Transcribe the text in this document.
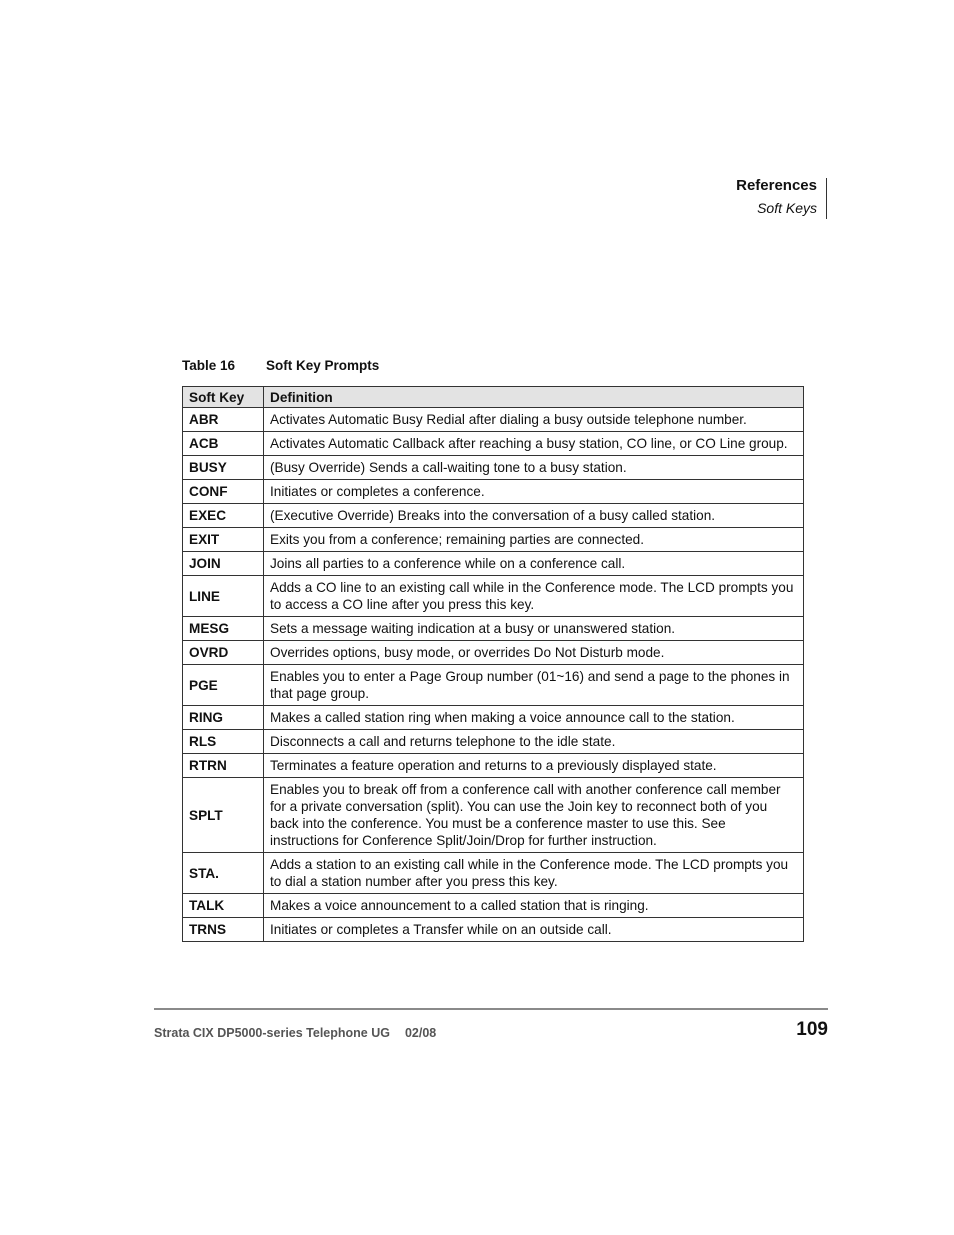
References
Soft Keys
Table 16 Soft Key Prompts
Soft Key	Definition
ABR	Activates Automatic Busy Redial after dialing a busy outside telephone number.
ACB	Activates Automatic Callback after reaching a busy station, CO line, or CO Line group.
BUSY	(Busy Override) Sends a call-waiting tone to a busy station.
CONF	Initiates or completes a conference.
EXEC	(Executive Override) Breaks into the conversation of a busy called station.
EXIT	Exits you from a conference; remaining parties are connected.
JOIN	Joins all parties to a conference while on a conference call.
LINE	Adds a CO line to an existing call while in the Conference mode. The LCD prompts you to access a CO line after you press this key.
MESG	Sets a message waiting indication at a busy or unanswered station.
OVRD	Overrides options, busy mode, or overrides Do Not Disturb mode.
PGE	Enables you to enter a Page Group number (01~16) and send a page to the phones in that page group.
RING	Makes a called station ring when making a voice announce call to the station.
RLS	Disconnects a call and returns telephone to the idle state.
RTRN	Terminates a feature operation and returns to a previously displayed state.
SPLT	Enables you to break off from a conference call with another conference call member for a private conversation (split). You can use the Join key to reconnect both of you back into the conference. You must be a conference master to use this. See instructions for Conference Split/Join/Drop for further instruction.
STA.	Adds a station to an existing call while in the Conference mode. The LCD prompts you to dial a station number after you press this key.
TALK	Makes a voice announcement to a called station that is ringing.
TRNS	Initiates or completes a Transfer while on an outside call.
Strata CIX DP5000-series Telephone UG 02/08	109
